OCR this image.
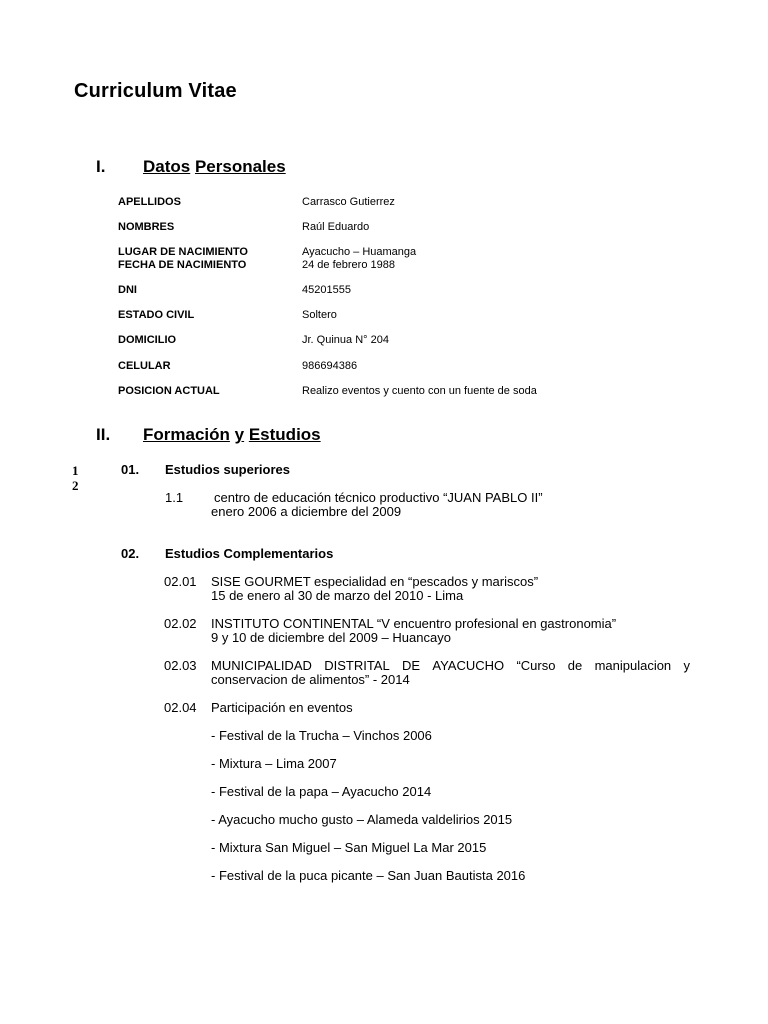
Curriculum Vitae
I. Datos Personales
APELLIDOS	Carrasco Gutierrez
NOMBRES	Raúl Eduardo
LUGAR DE NACIMIENTO	Ayacucho – Huamanga
FECHA DE NACIMIENTO	24 de febrero 1988
DNI	45201555
ESTADO CIVIL	Soltero
DOMICILIO	Jr. Quinua N° 204
CELULAR	986694386
POSICION ACTUAL	Realizo eventos y cuento con un fuente de soda
II. Formación y Estudios
1
2
01. Estudios superiores
1.1 centro de educación técnico productivo “JUAN PABLO II”
enero 2006 a diciembre del 2009
02. Estudios Complementarios
02.01 SISE GOURMET especialidad en “pescados y mariscos”
15 de enero al 30 de marzo del 2010 - Lima
02.02 INSTITUTO CONTINENTAL “V encuentro profesional en gastronomia”
9 y 10 de diciembre del 2009 – Huancayo
02.03 MUNICIPALIDAD DISTRITAL DE AYACUCHO “Curso de manipulacion y
conservacion de alimentos” - 2014
02.04 Participación en eventos
- Festival de la Trucha – Vinchos 2006
- Mixtura – Lima 2007
- Festival de la papa – Ayacucho 2014
- Ayacucho mucho gusto – Alameda valdelirios 2015
- Mixtura San Miguel – San Miguel La Mar 2015
- Festival de la puca picante – San Juan Bautista 2016
